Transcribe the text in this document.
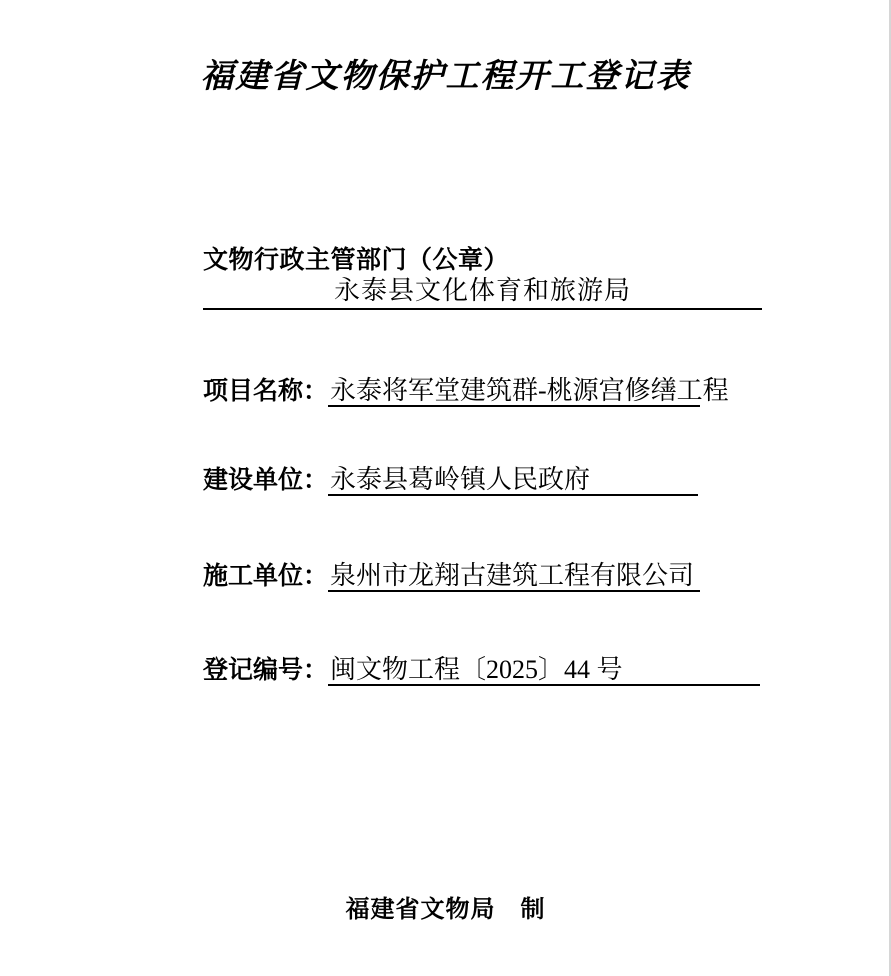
福建省文物保护工程开工登记表
文物行政主管部门（公章）
永泰县文化体育和旅游局
项目名称： 永泰将军堂建筑群-桃源宫修缮工程
建设单位： 永泰县葛岭镇人民政府
施工单位： 泉州市龙翔古建筑工程有限公司
登记编号： 闽文物工程〔2025〕44 号
福建省文物局　制
